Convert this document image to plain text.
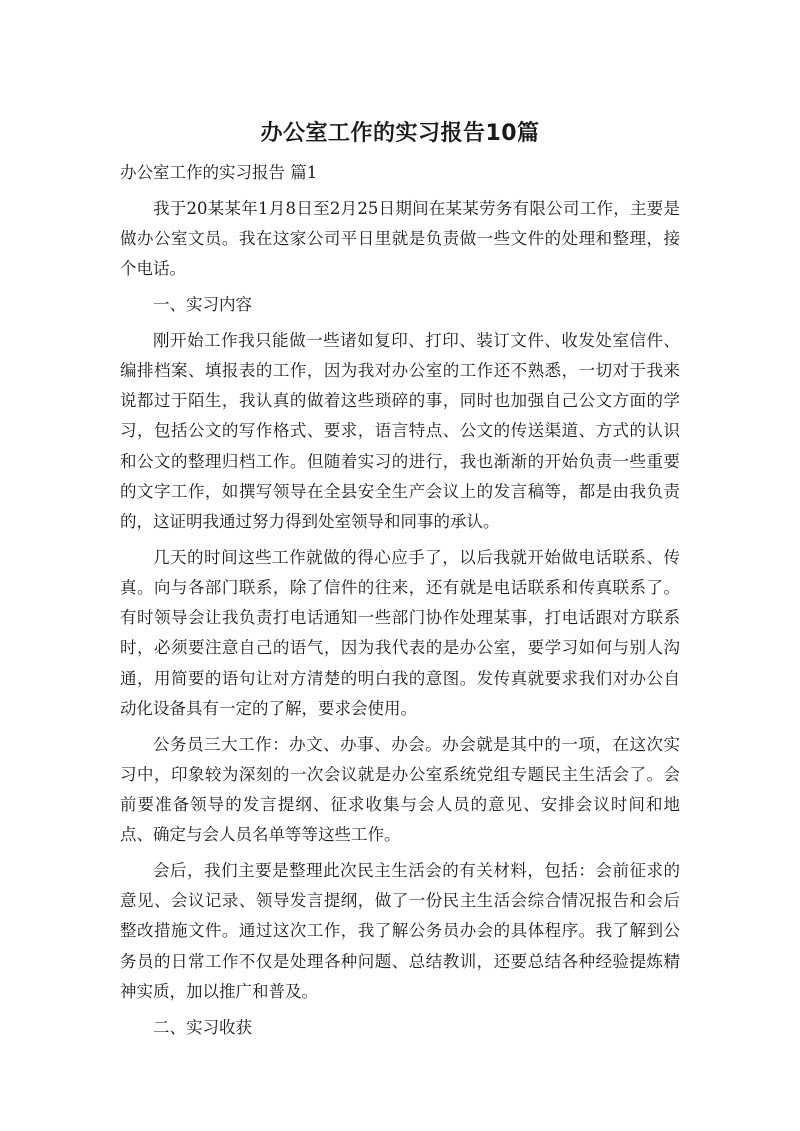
办公室工作的实习报告10篇

办公室工作的实习报告 篇1

我于20某某年1月8日至2月25日期间在某某劳务有限公司工作，主要是做办公室文员。我在这家公司平日里就是负责做一些文件的处理和整理，接个电话。

一、实习内容

刚开始工作我只能做一些诸如复印、打印、装订文件、收发处室信件、编排档案、填报表的工作，因为我对办公室的工作还不熟悉，一切对于我来说都过于陌生，我认真的做着这些琐碎的事，同时也加强自己公文方面的学习，包括公文的写作格式、要求，语言特点、公文的传送渠道、方式的认识和公文的整理归档工作。但随着实习的进行，我也渐渐的开始负责一些重要的文字工作，如撰写领导在全县安全生产会议上的发言稿等，都是由我负责的，这证明我通过努力得到处室领导和同事的承认。

几天的时间这些工作就做的得心应手了，以后我就开始做电话联系、传真。向与各部门联系，除了信件的往来，还有就是电话联系和传真联系了。有时领导会让我负责打电话通知一些部门协作处理某事，打电话跟对方联系时，必须要注意自己的语气，因为我代表的是办公室，要学习如何与别人沟通，用简要的语句让对方清楚的明白我的意图。发传真就要求我们对办公自动化设备具有一定的了解，要求会使用。

公务员三大工作：办文、办事、办会。办会就是其中的一项，在这次实习中，印象较为深刻的一次会议就是办公室系统党组专题民主生活会了。会前要准备领导的发言提纲、征求收集与会人员的意见、安排会议时间和地点、确定与会人员名单等等这些工作。

会后，我们主要是整理此次民主生活会的有关材料，包括：会前征求的意见、会议记录、领导发言提纲，做了一份民主生活会综合情况报告和会后整改措施文件。通过这次工作，我了解公务员办会的具体程序。我了解到公务员的日常工作不仅是处理各种问题、总结教训，还要总结各种经验提炼精神实质，加以推广和普及。

二、实习收获
